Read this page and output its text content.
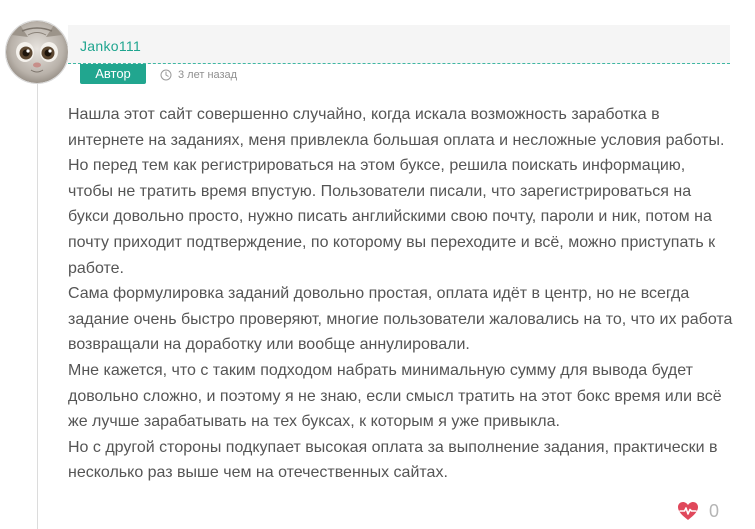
Janko111
Автор	3 лет назад

Нашла этот сайт совершенно случайно, когда искала возможность заработка в интернете на заданиях, меня привлекла большая оплата и несложные условия работы. Но перед тем как регистрироваться на этом буксе, решила поискать информацию, чтобы не тратить время впустую. Пользователи писали, что зарегистрироваться на букси довольно просто, нужно писать английскими свою почту, пароли и ник, потом на почту приходит подтверждение, по которому вы переходите и всё, можно приступать к работе.

Сама формулировка заданий довольно простая, оплата идёт в центр, но не всегда задание очень быстро проверяют, многие пользователи жаловались на то, что их работа возвращали на доработку или вообще аннулировали.

Мне кажется, что с таким подходом набрать минимальную сумму для вывода будет довольно сложно, и поэтому я не знаю, если смысл тратить на этот бокс время или всё же лучше зарабатывать на тех буксах, к которым я уже привыкла.

Но с другой стороны подкупает высокая оплата за выполнение задания, практически в несколько раз выше чем на отечественных сайтах.

0
